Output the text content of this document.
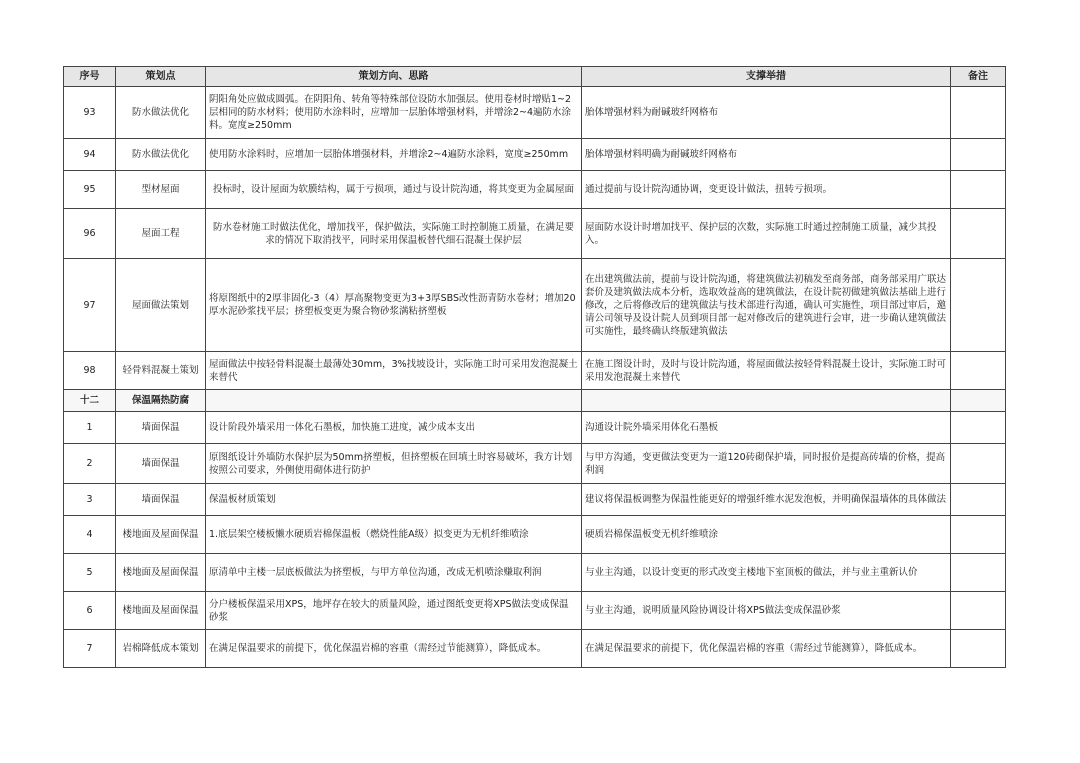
序号	策划点	策划方向、思路	支撑举措	备注
93	防水做法优化	阴阳角处应做成圆弧。在阴阳角、转角等特殊部位设防水加强层。使用卷材时增贴1~2层相同的防水材料；使用防水涂料时，应增加一层胎体增强材料，并增涂2~4遍防水涂料。宽度≥250mm	胎体增强材料为耐碱玻纤网格布	
94	防水做法优化	使用防水涂料时，应增加一层胎体增强材料，并增涂2~4遍防水涂料，宽度≥250mm	胎体增强材料明确为耐碱玻纤网格布	
95	型材屋面	投标时，设计屋面为软膜结构，属于亏损项，通过与设计院沟通，将其变更为金属屋面	通过提前与设计院沟通协调，变更设计做法，扭转亏损项。	
96	屋面工程	防水卷材施工时做法优化，增加找平，保护做法，实际施工时控制施工质量，在满足要求的情况下取消找平，同时采用保温板替代细石混凝土保护层	屋面防水设计时增加找平、保护层的次数，实际施工时通过控制施工质量，减少其投入。	
97	屋面做法策划	将原图纸中的2厚非固化-3（4）厚高聚物变更为3+3厚SBS改性沥青防水卷材；增加20厚水泥砂浆找平层；挤塑板变更为聚合物砂浆满粘挤塑板	在出建筑做法前，提前与设计院沟通，将建筑做法初稿发至商务部，商务部采用广联达套价及建筑做法成本分析，选取效益高的建筑做法，在设计院初做建筑做法基础上进行修改，之后将修改后的建筑做法与技术部进行沟通，确认可实施性，项目部过审后，邀请公司领导及设计院人员到项目部一起对修改后的建筑进行会审，进一步确认建筑做法可实施性，最终确认终版建筑做法	
98	轻骨料混凝土策划	屋面做法中按轻骨料混凝土最薄处30mm，3%找坡设计，实际施工时可采用发泡混凝土来替代	在施工图设计时，及时与设计院沟通，将屋面做法按轻骨料混凝土设计，实际施工时可采用发泡混凝土来替代	
十二	保温隔热防腐			
1	墙面保温	设计阶段外墙采用一体化石墨板，加快施工进度，减少成本支出	沟通设计院外墙采用体化石墨板	
2	墙面保温	原图纸设计外墙防水保护层为50mm挤塑板，但挤塑板在回填土时容易破坏，我方计划按照公司要求，外侧使用砌体进行防护	与甲方沟通，变更做法变更为一道120砖砌保护墙，同时报价是提高砖墙的价格，提高利润	
3	墙面保温	保温板材质策划	建议将保温板调整为保温性能更好的增强纤维水泥发泡板，并明确保温墙体的具体做法	
4	楼地面及屋面保温	1.底层架空楼板懒水硬质岩棉保温板（燃烧性能A级）拟变更为无机纤维喷涂	硬质岩棉保温板变无机纤维喷涂	
5	楼地面及屋面保温	原清单中主楼一层底板做法为挤塑板，与甲方单位沟通，改成无机喷涂赚取利润	与业主沟通，以设计变更的形式改变主楼地下室顶板的做法，并与业主重新认价	
6	楼地面及屋面保温	分户楼板保温采用XPS，地坪存在较大的质量风险，通过图纸变更将XPS做法变成保温砂浆	与业主沟通，说明质量风险协调设计将XPS做法变成保温砂浆	
7	岩棉降低成本策划	在满足保温要求的前提下，优化保温岩棉的容重（需经过节能测算），降低成本。	在满足保温要求的前提下，优化保温岩棉的容重（需经过节能测算），降低成本。	
